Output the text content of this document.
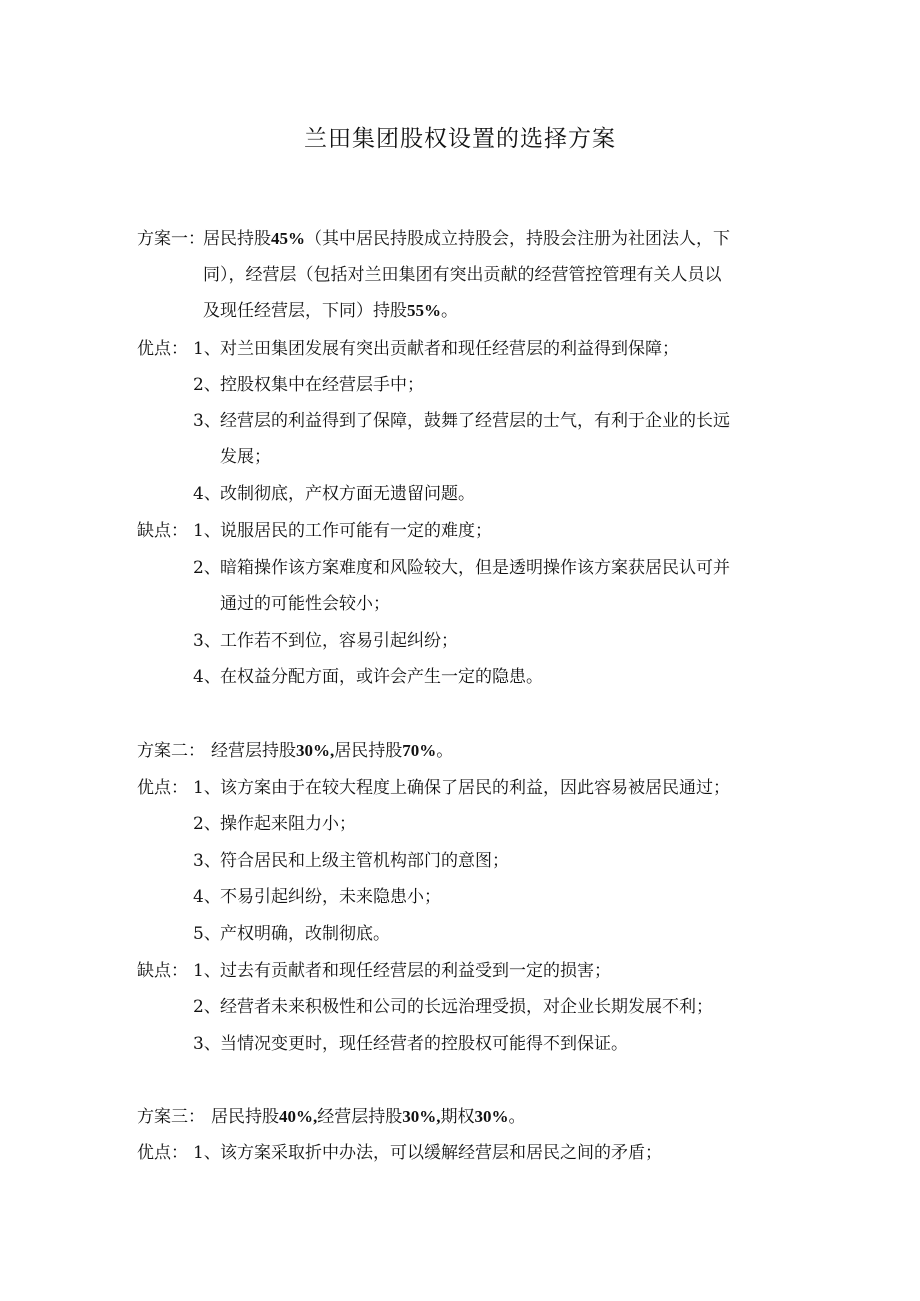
兰田集团股权设置的选择方案
方案一：
居民持股45%（其中居民持股成立持股会，持股会注册为社团法人，下
同），经营层（包括对兰田集团有突出贡献的经营管控管理有关人员以
及现任经营层，下同）持股55%。
优点： 1、 对兰田集团发展有突出贡献者和现任经营层的利益得到保障；
2、 控股权集中在经营层手中；
3、 经营层的利益得到了保障，鼓舞了经营层的士气，有利于企业的长远
发展；
4、 改制彻底，产权方面无遗留问题。
缺点： 1、 说服居民的工作可能有一定的难度；
2、 暗箱操作该方案难度和风险较大，但是透明操作该方案获居民认可并
通过的可能性会较小；
3、 工作若不到位，容易引起纠纷；
4、 在权益分配方面，或许会产生一定的隐患。
方案二： 经营层持股30%,居民持股70%。
优点： 1、 该方案由于在较大程度上确保了居民的利益，因此容易被居民通过；
2、 操作起来阻力小；
3、 符合居民和上级主管机构部门的意图；
4、 不易引起纠纷，未来隐患小；
5、 产权明确，改制彻底。
缺点： 1、 过去有贡献者和现任经营层的利益受到一定的损害；
2、 经营者未来积极性和公司的长远治理受损，对企业长期发展不利；
3、 当情况变更时，现任经营者的控股权可能得不到保证。
方案三： 居民持股40%,经营层持股30%,期权30%。
优点： 1、 该方案采取折中办法，可以缓解经营层和居民之间的矛盾；
